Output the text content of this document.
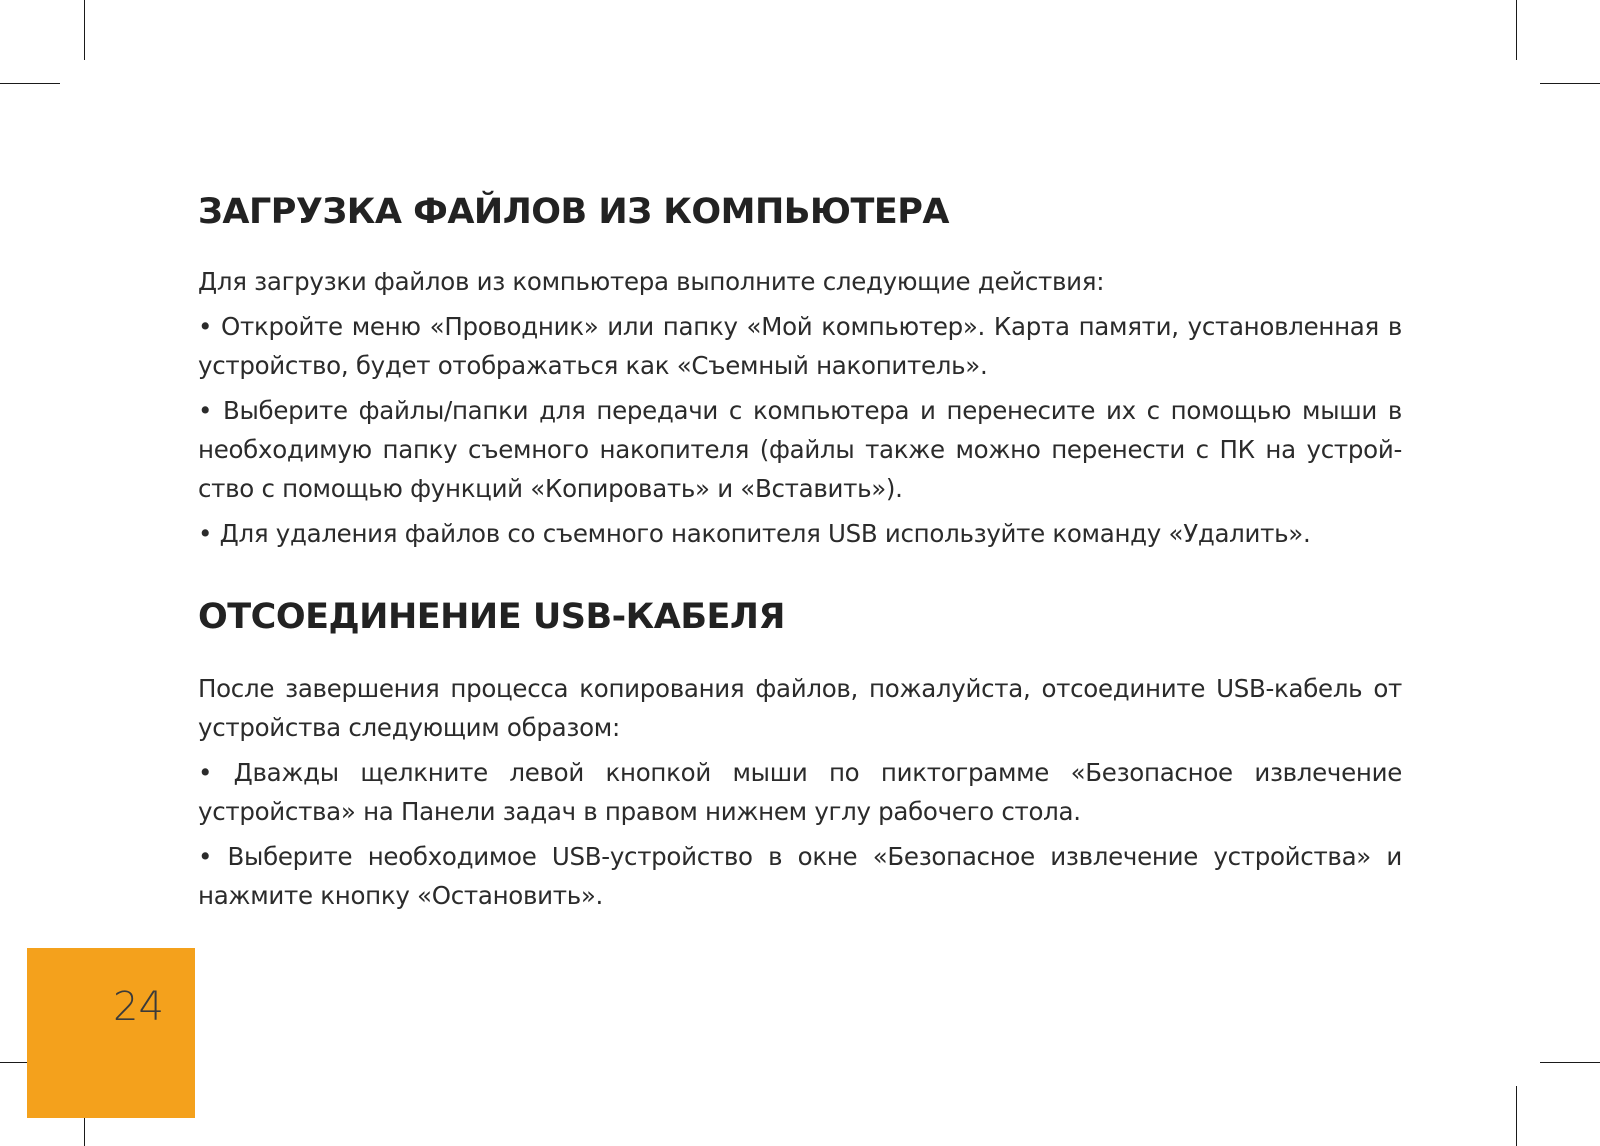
ЗАГРУЗКА ФАЙЛОВ ИЗ КОМПЬЮТЕРА

Для загрузки файлов из компьютера выполните следующие действия:

• Откройте меню «Проводник» или папку «Мой компьютер». Карта памяти, установленная в устройство, будет отображаться как «Съемный накопитель».

• Выберите файлы/папки для передачи с компьютера и перенесите их с помощью мыши в необходимую папку съемного накопителя (файлы также можно перенести с ПК на устрой-ство с помощью функций «Копировать» и «Вставить»).

• Для удаления файлов со съемного накопителя USB используйте команду «Удалить».

ОТСОЕДИНЕНИЕ USB-КАБЕЛЯ

После завершения процесса копирования файлов, пожалуйста, отсоедините USB-кабель от устройства следующим образом:

• Дважды щелкните левой кнопкой мыши по пиктограмме «Безопасное извлечение устройства» на Панели задач в правом нижнем углу рабочего стола.

• Выберите необходимое USB-устройство в окне «Безопасное извлечение устройства» и нажмите кнопку «Остановить».

24
